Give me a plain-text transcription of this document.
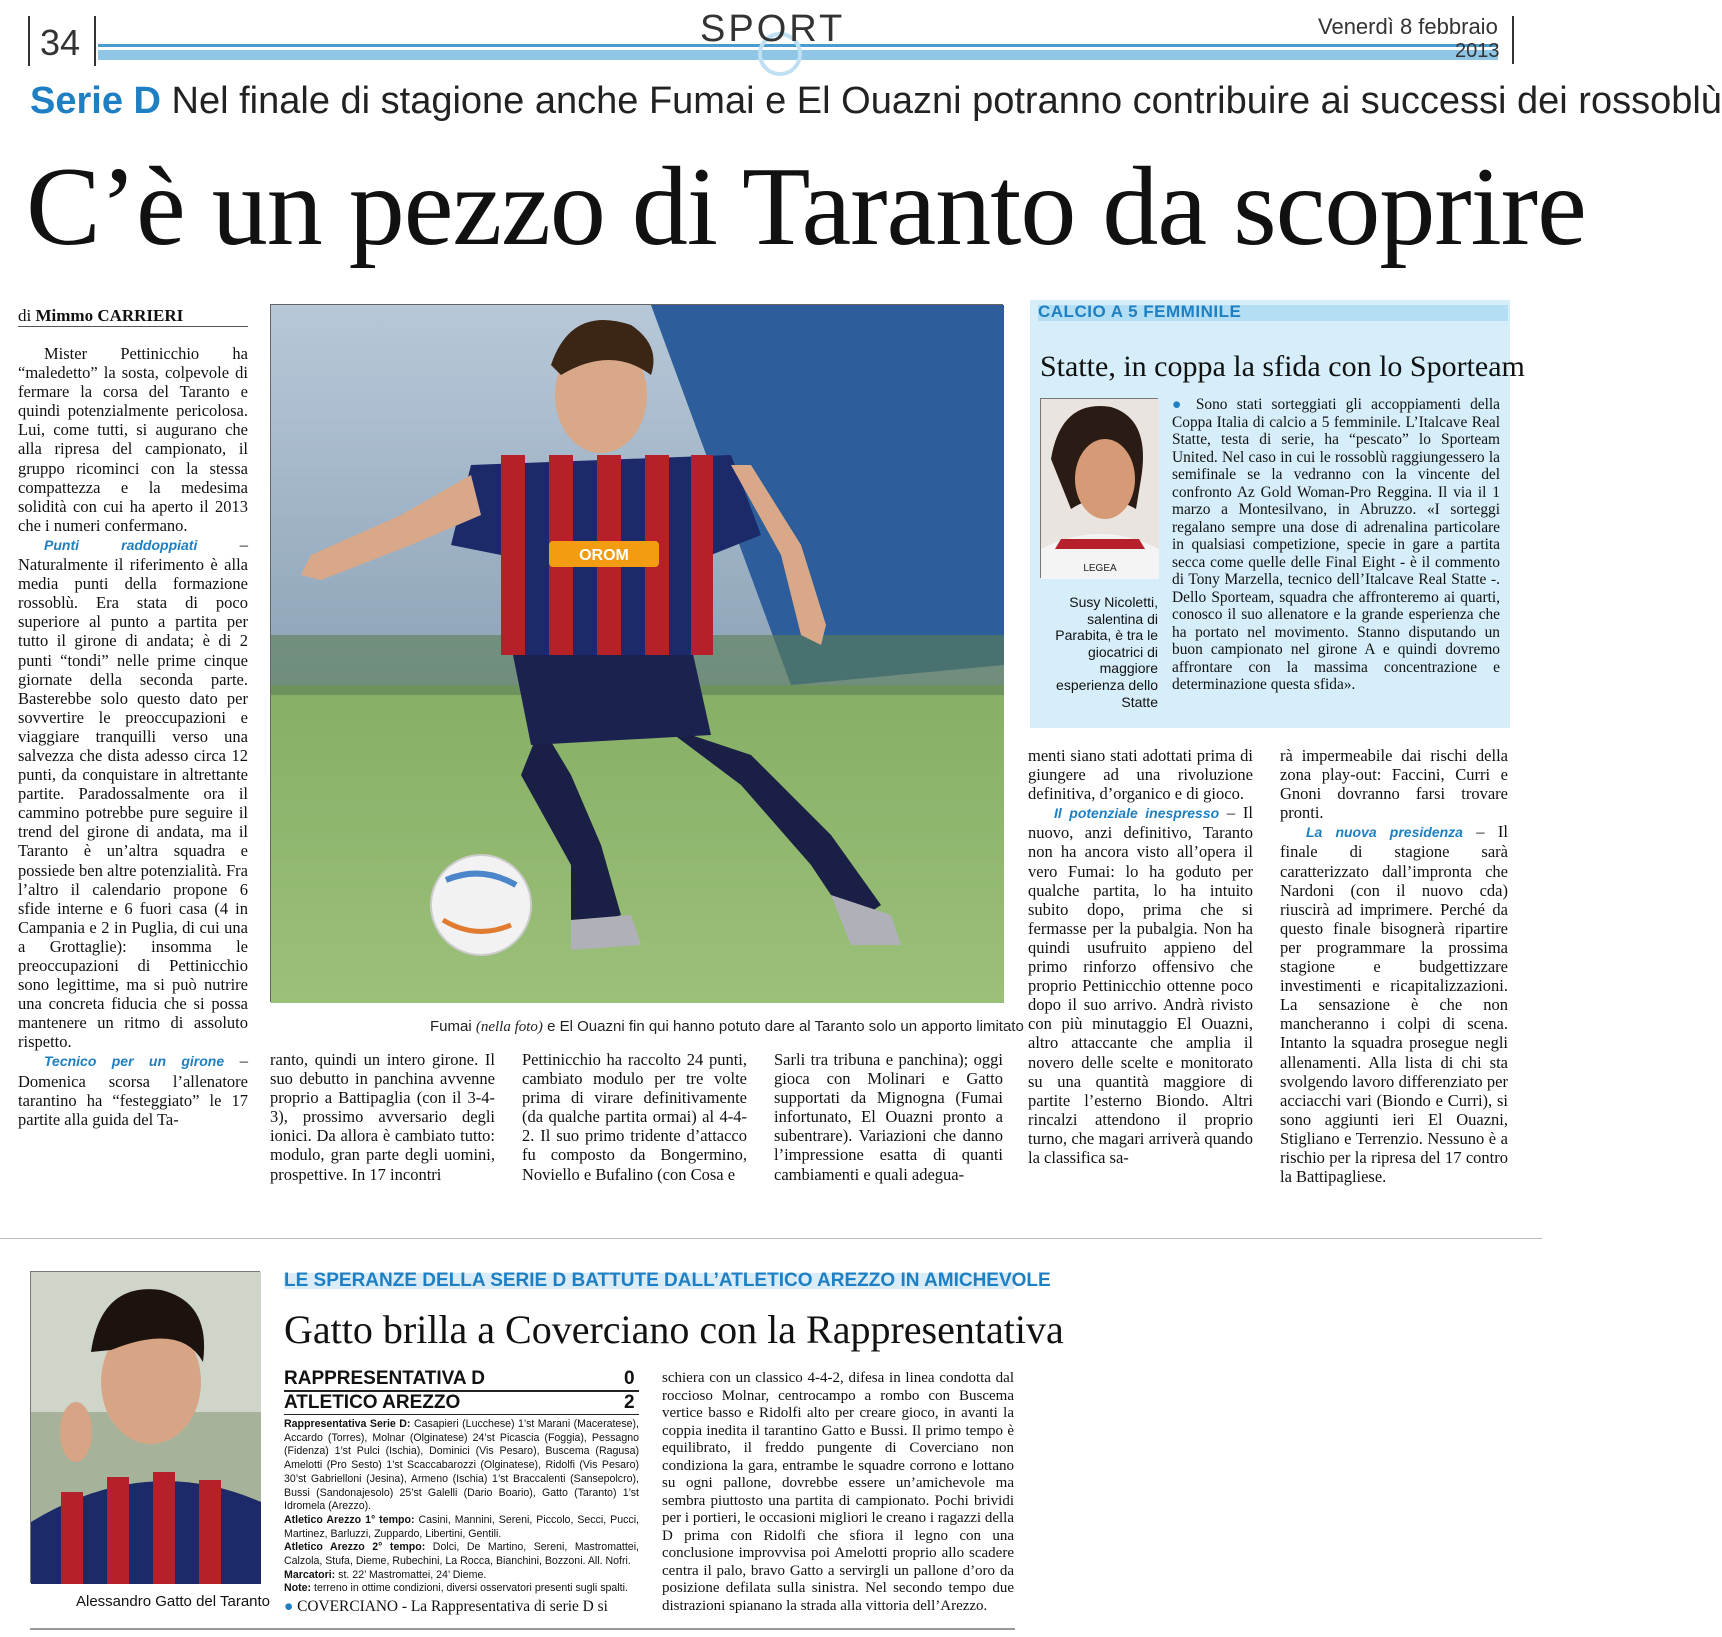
34	SPORT	Venerdì 8 febbraio
2013
Serie D Nel finale di stagione anche Fumai e El Ouazni potranno contribuire ai successi dei rossoblù
C’è un pezzo di Taranto da scoprire
di Mimmo CARRIERI

Mister Pettinicchio ha “maledetto” la sosta, colpevole di fermare la corsa del Taranto e quindi potenzialmente pericolosa. Lui, come tutti, si augurano che alla ripresa del campionato, il gruppo ricominci con la stessa compattezza e la medesima solidità con cui ha aperto il 2013 che i numeri confermano.

Punti raddoppiati – Naturalmente il riferimento è alla media punti della formazione rossoblù. Era stata di poco superiore al punto a partita per tutto il girone di andata; è di 2 punti “tondi” nelle prime cinque giornate della seconda parte. Basterebbe solo questo dato per sovvertire le preoccupazioni e viaggiare tranquilli verso una salvezza che dista adesso circa 12 punti, da conquistare in altrettante partite. Paradossalmente ora il cammino potrebbe pure seguire il trend del girone di andata, ma il Taranto è un’altra squadra e possiede ben altre potenzialità. Fra l’altro il calendario propone 6 sfide interne e 6 fuori casa (4 in Campania e 2 in Puglia, di cui una a Grottaglie): insomma le preoccupazioni di Pettinicchio sono legittime, ma si può nutrire una concreta fiducia che si possa mantenere un ritmo di assoluto rispetto.

Tecnico per un girone – Domenica scorsa l’allenatore tarantino ha “festeggiato” le 17 partite alla guida del Ta-

OROM
Fumai (nella foto) e El Ouazni fin qui hanno potuto dare al Taranto solo un apporto limitato

ranto, quindi un intero girone. Il suo debutto in panchina avvenne proprio a Battipaglia (con il 3-4-3), prossimo avversario degli ionici. Da allora è cambiato tutto: modulo, gran parte degli uomini, prospettive. In 17 incontri

Pettinicchio ha raccolto 24 punti, cambiato modulo per tre volte prima di virare definitivamente (da qualche partita ormai) al 4-4-2. Il suo primo tridente d’attacco fu composto da Bongermino, Noviello e Bufalino (con Cosa e

Sarli tra tribuna e panchina); oggi gioca con Molinari e Gatto supportati da Mignogna (Fumai infortunato, El Ouazni pronto a subentrare). Variazioni che danno l’impressione esatta di quanti cambiamenti e quali adegua-

menti siano stati adottati prima di giungere ad una rivoluzione definitiva, d’organico e di gioco.

Il potenziale inespresso – Il nuovo, anzi definitivo, Taranto non ha ancora visto all’opera il vero Fumai: lo ha goduto per qualche partita, lo ha intuito subito dopo, prima che si fermasse per la pubalgia. Non ha quindi usufruito appieno del primo rinforzo offensivo che proprio Pettinicchio ottenne poco dopo il suo arrivo. Andrà rivisto con più minutaggio El Ouazni, altro attaccante che amplia il novero delle scelte e monitorato su una quantità maggiore di partite l’esterno Biondo. Altri rincalzi attendono il proprio turno, che magari arriverà quando la classifica sa-

rà impermeabile dai rischi della zona play-out: Faccini, Curri e Gnoni dovranno farsi trovare pronti.

La nuova presidenza – Il finale di stagione sarà caratterizzato dall’impronta che Nardoni (con il nuovo cda) riuscirà ad imprimere. Perché da questo finale bisognerà ripartire per programmare la prossima stagione e budgettizzare investimenti e ricapitalizzazioni. La sensazione è che non mancheranno i colpi di scena. Intanto la squadra prosegue negli allenamenti. Alla lista di chi sta svolgendo lavoro differenziato per acciacchi vari (Biondo e Curri), si sono aggiunti ieri El Ouazni, Stigliano e Terrenzio. Nessuno è a rischio per la ripresa del 17 contro la Battipagliese.

CALCIO A 5 FEMMINILE
Statte, in coppa la sfida con lo Sporteam
LEGEA
Susy Nicoletti, salentina di Parabita, è tra le giocatrici di maggiore esperienza dello Statte
● Sono stati sorteggiati gli accoppiamenti della Coppa Italia di calcio a 5 femminile. L’Italcave Real Statte, testa di serie, ha “pescato” lo Sporteam United. Nel caso in cui le rossoblù raggiungessero la semifinale se la vedranno con la vincente del confronto Az Gold Woman-Pro Reggina. Il via il 1 marzo a Montesilvano, in Abruzzo. «I sorteggi regalano sempre una dose di adrenalina particolare in qualsiasi competizione, specie in gare a partita secca come quelle delle Final Eight - è il commento di Tony Marzella, tecnico dell’Italcave Real Statte -. Dello Sporteam, squadra che affronteremo ai quarti, conosco il suo allenatore e la grande esperienza che ha portato nel movimento. Stanno disputando un buon campionato nel girone A e quindi dovremo affrontare con la massima concentrazione e determinazione questa sfida».
Alessandro Gatto del Taranto
LE SPERANZE DELLA SERIE D BATTUTE DALL’ATLETICO AREZZO IN AMICHEVOLE
Gatto brilla a Coverciano con la Rappresentativa
RAPPRESENTATIVA D	0
ATLETICO AREZZO	2
Rappresentativa Serie D: Casapieri (Lucchese) 1’st Marani (Maceratese), Accardo (Torres), Molnar (Olginatese) 24’st Picascia (Foggia), Pessagno (Fidenza) 1’st Pulci (Ischia), Dominici (Vis Pesaro), Buscema (Ragusa) Amelotti (Pro Sesto) 1’st Scaccabarozzi (Olginatese), Ridolfi (Vis Pesaro) 30’st Gabrielloni (Jesina), Armeno (Ischia) 1’st Braccalenti (Sansepolcro), Bussi (Sandonajesolo) 25’st Galelli (Dario Boario), Gatto (Taranto) 1’st Idromela (Arezzo).
Atletico Arezzo 1° tempo: Casini, Mannini, Sereni, Piccolo, Secci, Pucci, Martinez, Barluzzi, Zuppardo, Libertini, Gentili.
Atletico Arezzo 2° tempo: Dolci, De Martino, Sereni, Mastromattei, Calzola, Stufa, Dieme, Rubechini, La Rocca, Bianchini, Bozzoni. All. Nofri.
Marcatori: st. 22’ Mastromattei, 24’ Dieme.
Note: terreno in ottime condizioni, diversi osservatori presenti sugli spalti.
● COVERCIANO - La Rappresentativa di serie D si
schiera con un classico 4-4-2, difesa in linea condotta dal roccioso Molnar, centrocampo a rombo con Buscema vertice basso e Ridolfi alto per creare gioco, in avanti la coppia inedita il tarantino Gatto e Bussi. Il primo tempo è equilibrato, il freddo pungente di Coverciano non condiziona la gara, entrambe le squadre corrono e lottano su ogni pallone, dovrebbe essere un’amichevole ma sembra piuttosto una partita di campionato. Pochi brividi per i portieri, le occasioni migliori le creano i ragazzi della D prima con Ridolfi che sfiora il legno con una conclusione improvvisa poi Amelotti proprio allo scadere centra il palo, bravo Gatto a servirgli un pallone d’oro da posizione defilata sulla sinistra. Nel secondo tempo due distrazioni spianano la strada alla vittoria dell’Arezzo.
